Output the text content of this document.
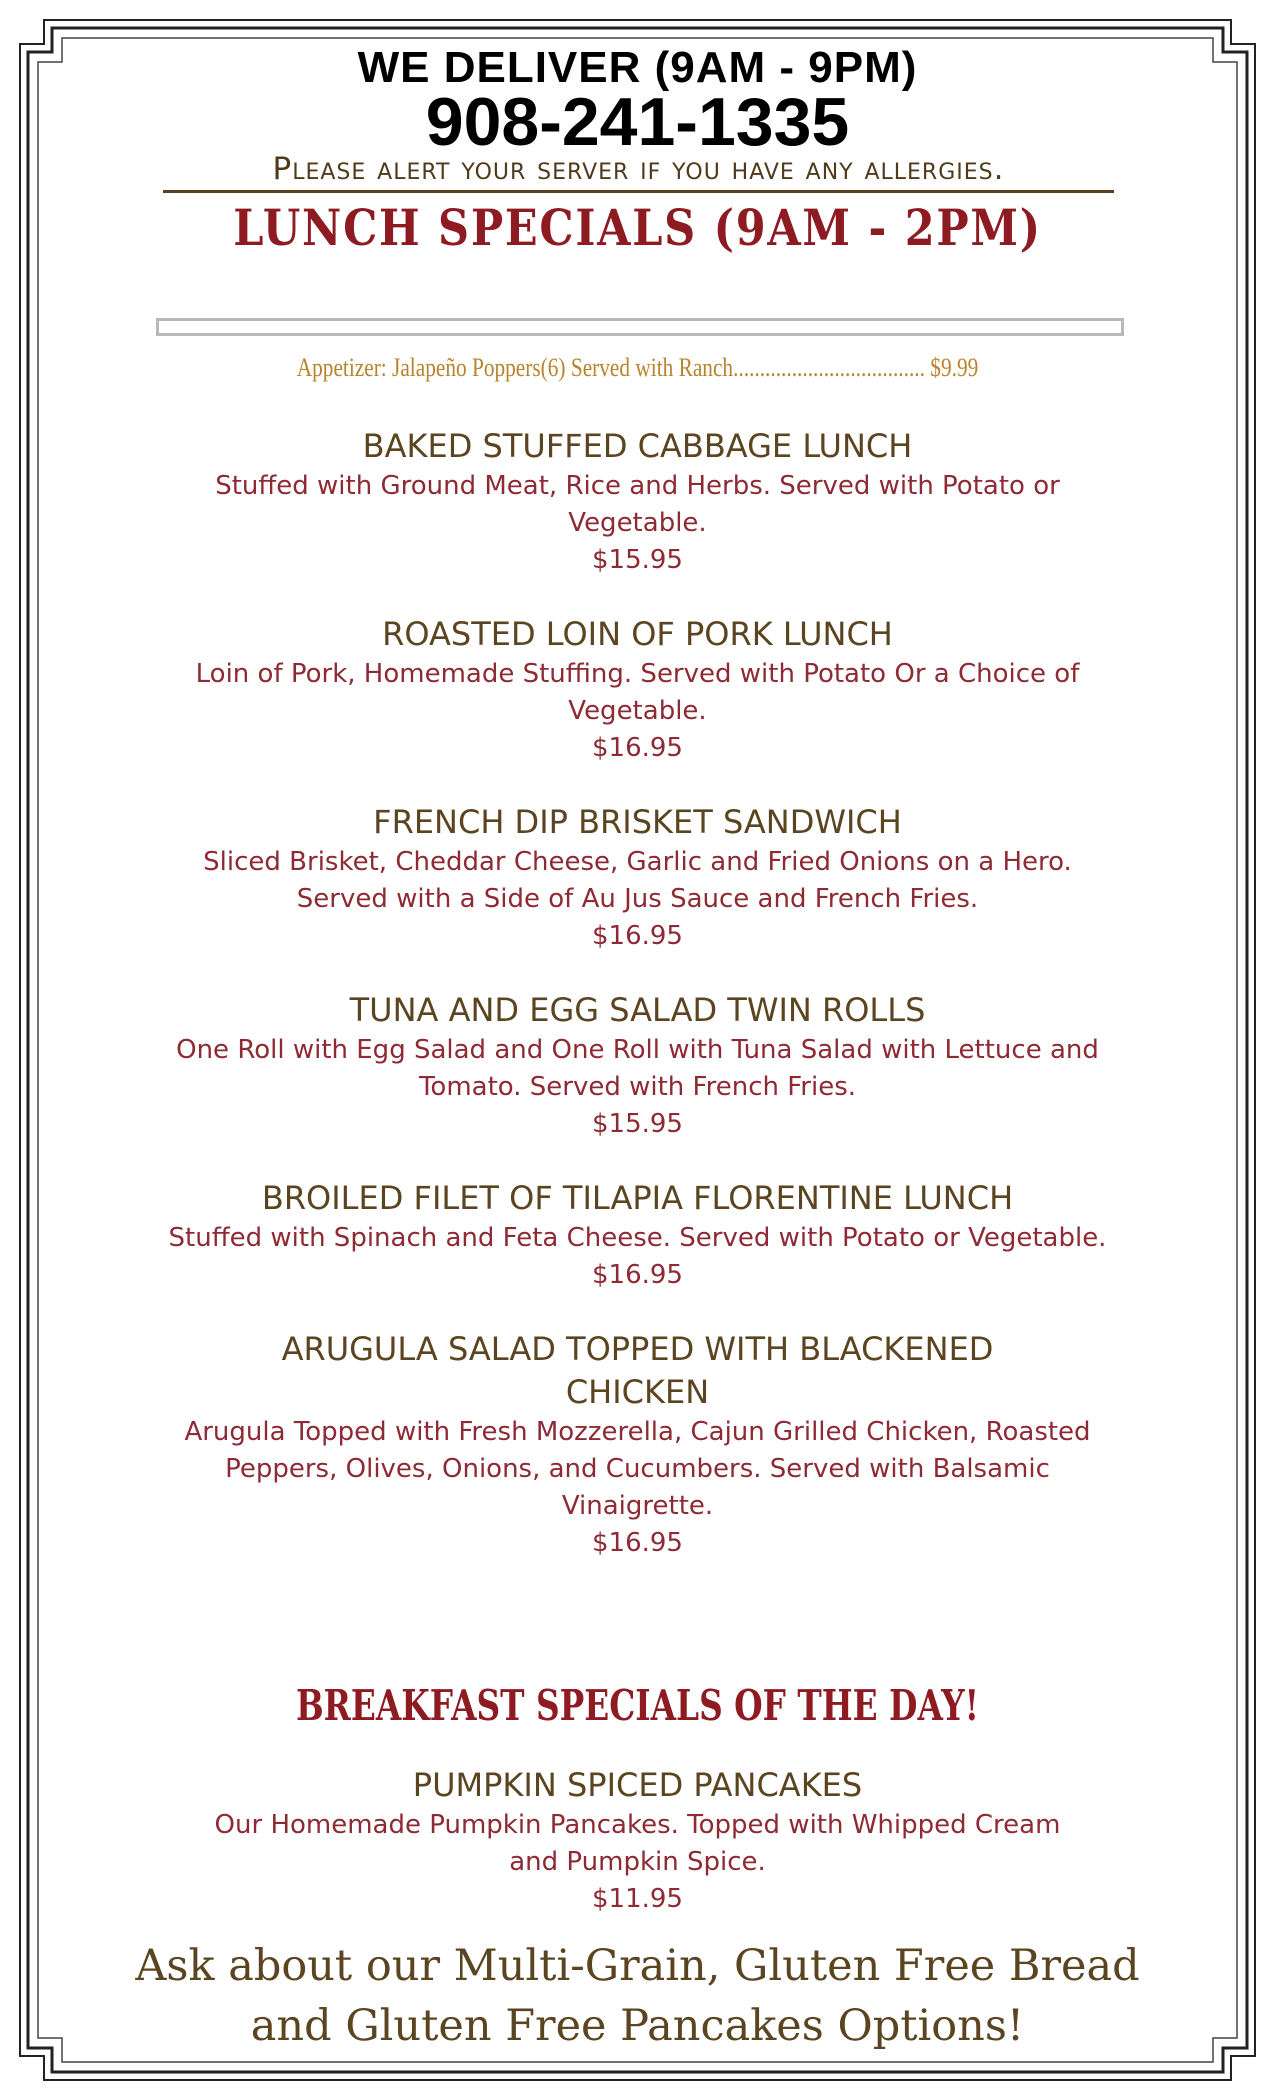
WE DELIVER (9AM - 9PM)
908-241-1335
Please alert your server if you have any allergies.
LUNCH SPECIALS (9AM - 2PM)
Appetizer: Jalapeño Poppers(6) Served with Ranch.................................... $9.99
BAKED STUFFED CABBAGE LUNCH
Stuffed with Ground Meat, Rice and Herbs. Served with Potato or Vegetable.
$15.95
ROASTED LOIN OF PORK LUNCH
Loin of Pork, Homemade Stuffing. Served with Potato Or a Choice of Vegetable.
$16.95
FRENCH DIP BRISKET SANDWICH
Sliced Brisket, Cheddar Cheese, Garlic and Fried Onions on a Hero. Served with a Side of Au Jus Sauce and French Fries.
$16.95
TUNA AND EGG SALAD TWIN ROLLS
One Roll with Egg Salad and One Roll with Tuna Salad with Lettuce and Tomato. Served with French Fries.
$15.95
BROILED FILET OF TILAPIA FLORENTINE LUNCH
Stuffed with Spinach and Feta Cheese. Served with Potato or Vegetable.
$16.95
ARUGULA SALAD TOPPED WITH BLACKENED CHICKEN
Arugula Topped with Fresh Mozzerella, Cajun Grilled Chicken, Roasted Peppers, Olives, Onions, and Cucumbers. Served with Balsamic Vinaigrette.
$16.95
BREAKFAST SPECIALS OF THE DAY!
PUMPKIN SPICED PANCAKES
Our Homemade Pumpkin Pancakes. Topped with Whipped Cream and Pumpkin Spice.
$11.95
Ask about our Multi-Grain, Gluten Free Bread and Gluten Free Pancakes Options!
